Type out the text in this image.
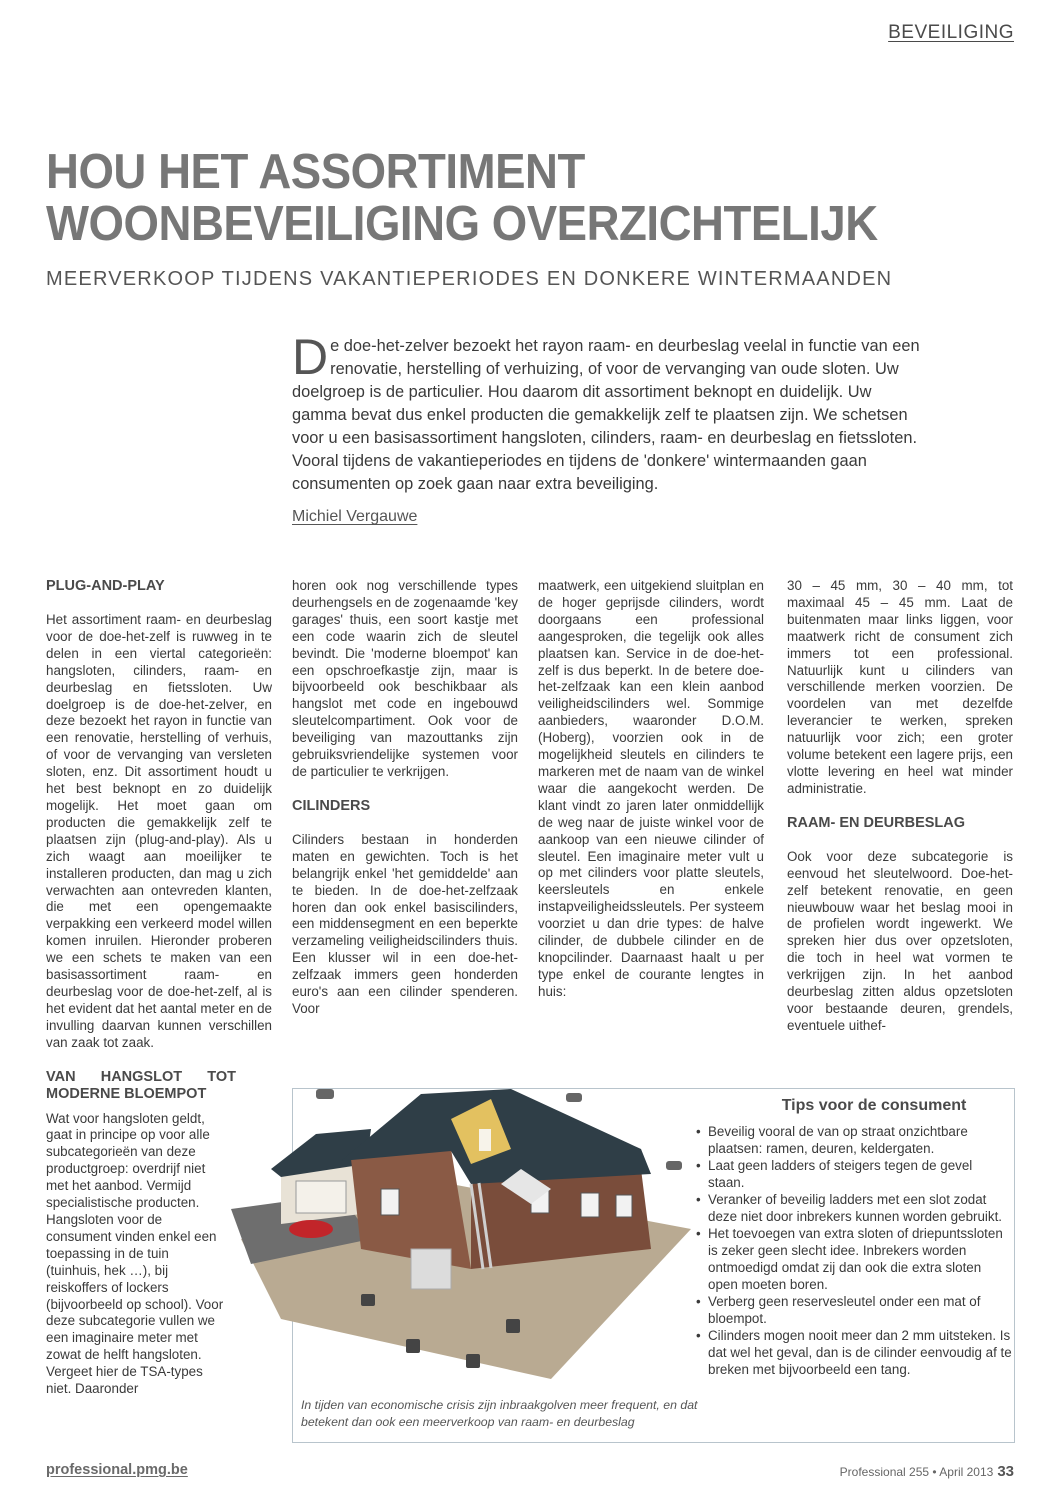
BEVEILIGING
HOU HET ASSORTIMENT
WOONBEVEILIGING OVERZICHTELIJK
MEERVERKOOP TIJDENS VAKANTIEPERIODES EN DONKERE WINTERMAANDEN
De doe-het-zelver bezoekt het rayon raam- en deurbeslag veelal in functie van een renovatie, herstelling of verhuizing, of voor de vervanging van oude sloten. Uw doelgroep is de particulier. Hou daarom dit assortiment beknopt en duidelijk. Uw gamma bevat dus enkel producten die gemakkelijk zelf te plaatsen zijn. We schetsen voor u een basisassortiment hangsloten, cilinders, raam- en deurbeslag en fietssloten. Vooral tijdens de vakantieperiodes en tijdens de 'donkere' wintermaanden gaan consumenten op zoek gaan naar extra beveiliging.
Michiel Vergauwe
PLUG-AND-PLAY

Het assortiment raam- en deurbeslag voor de doe-het-zelf is ruwweg in te delen in een viertal categorieën: hangsloten, cilinders, raam- en deurbeslag en fietssloten. Uw doelgroep is de doe-het-zelver, en deze bezoekt het rayon in functie van een renovatie, herstelling of verhuis, of voor de vervanging van versleten sloten, enz. Dit assortiment houdt u het best beknopt en zo duidelijk mogelijk. Het moet gaan om producten die gemakkelijk zelf te plaatsen zijn (plug-and-play). Als u zich waagt aan moeilijker te installeren producten, dan mag u zich verwachten aan ontevreden klanten, die met een opengemaakte verpakking een verkeerd model willen komen inruilen. Hieronder proberen we een schets te maken van een basisassortiment raam- en deurbeslag voor de doe-het-zelf, al is het evident dat het aantal meter en de invulling daarvan kunnen verschillen van zaak tot zaak.

VAN HANGSLOT TOT MODERNE BLOEMPOT

Wat voor hangsloten geldt, gaat in principe op voor alle subcategorieën van deze productgroep: overdrijf niet met het aanbod. Vermijd specialistische producten. Hangsloten voor de consument vinden enkel een toepassing in de tuin (tuinhuis, hek …), bij reiskoffers of lockers (bijvoorbeeld op school). Voor deze subcategorie vullen we een imaginaire meter met zowat de helft hangsloten. Vergeet hier de TSA-types niet. Daaronder

horen ook nog verschillende types deurhengsels en de zogenaamde 'key garages' thuis, een soort kastje met een code waarin zich de sleutel bevindt. Die 'moderne bloempot' kan een opschroefkastje zijn, maar is bijvoorbeeld ook beschikbaar als hangslot met code en ingebouwd sleutelcompartiment. Ook voor de beveiliging van mazouttanks zijn gebruiksvriendelijke systemen voor de particulier te verkrijgen.

CILINDERS

Cilinders bestaan in honderden maten en gewichten. Toch is het belangrijk enkel 'het gemiddelde' aan te bieden. In de doe-het-zelfzaak horen dan ook enkel basiscilinders, een middensegment en een beperkte verzameling veiligheidscilinders thuis. Een klusser wil in een doe-het-zelfzaak immers geen honderden euro's aan een cilinder spenderen. Voor

maatwerk, een uitgekiend sluitplan en de hoger geprijsde cilinders, wordt doorgaans een professional aangesproken, die tegelijk ook alles plaatsen kan. Service in de doe-het-zelf is dus beperkt. In de betere doe-het-zelfzaak kan een klein aanbod veiligheidscilinders wel. Sommige aanbieders, waaronder D.O.M. (Hoberg), voorzien ook in de mogelijkheid sleutels en cilinders te markeren met de naam van de winkel waar die aangekocht werden. De klant vindt zo jaren later onmiddellijk de weg naar de juiste winkel voor de aankoop van een nieuwe cilinder of sleutel. Een imaginaire meter vult u op met cilinders voor platte sleutels, keersleutels en enkele instapveiligheidssleutels. Per systeem voorziet u dan drie types: de halve cilinder, de dubbele cilinder en de knopcilinder. Daarnaast haalt u per type enkel de courante lengtes in huis:

30 – 45 mm, 30 – 40 mm, tot maximaal 45 – 45 mm. Laat de buitenmaten maar links liggen, voor maatwerk richt de consument zich immers tot een professional. Natuurlijk kunt u cilinders van verschillende merken voorzien. De voordelen van met dezelfde leverancier te werken, spreken natuurlijk voor zich; een groter volume betekent een lagere prijs, een vlotte levering en heel wat minder administratie.

RAAM- EN DEURBESLAG

Ook voor deze subcategorie is eenvoud het sleutelwoord. Doe-het-zelf betekent renovatie, en geen nieuwbouw waar het beslag mooi in de profielen wordt ingewerkt. We spreken hier dus over opzetsloten, die toch in heel wat vormen te verkrijgen zijn. In het aanbod deurbeslag zitten aldus opzetsloten voor bestaande deuren, grendels, eventuele uithef-

In tijden van economische crisis zijn inbraakgolven meer frequent, en dat betekent dan ook een meerverkoop van raam- en deurbeslag
Tips voor de consument
• Beveilig vooral de van op straat onzichtbare plaatsen: ramen, deuren, keldergaten.
• Laat geen ladders of steigers tegen de gevel staan.
• Veranker of beveilig ladders met een slot zodat deze niet door inbrekers kunnen worden gebruikt.
• Het toevoegen van extra sloten of driepuntssloten is zeker geen slecht idee. Inbrekers worden ontmoedigd omdat zij dan ook die extra sloten open moeten boren.
• Verberg geen reservesleutel onder een mat of bloempot.
• Cilinders mogen nooit meer dan 2 mm uitsteken. Is dat wel het geval, dan is de cilinder eenvoudig af te breken met bijvoorbeeld een tang.
professional.pmg.be	Professional 255 • April 2013 33
